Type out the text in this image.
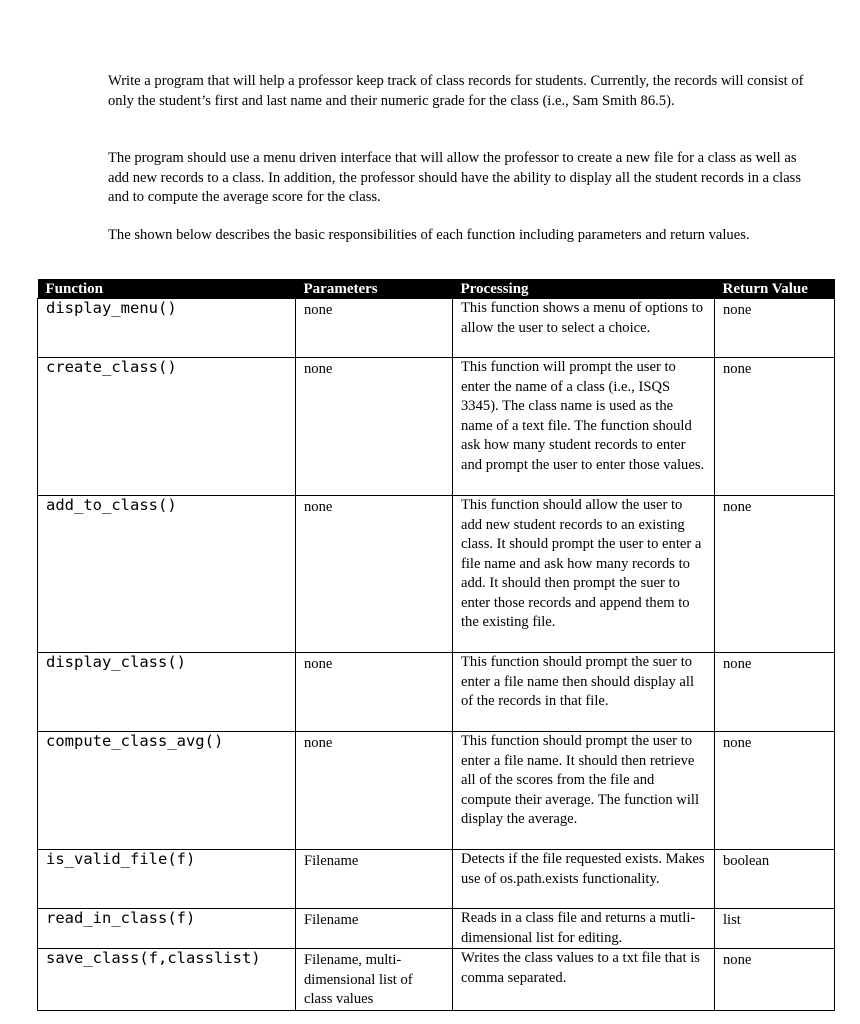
Write a program that will help a professor keep track of class records for students. Currently, the records will consist of only the student’s first and last name and their numeric grade for the class (i.e., Sam Smith 86.5).

The program should use a menu driven interface that will allow the professor to create a new file for a class as well as add new records to a class. In addition, the professor should have the ability to display all the student records in a class and to compute the average score for the class.

The shown below describes the basic responsibilities of each function including parameters and return values.

Function	Parameters	Processing	Return Value
display_menu()	none	This function shows a menu of options to allow the user to select a choice.	none
create_class()	none	This function will prompt the user to enter the name of a class (i.e., ISQS 3345). The class name is used as the name of a text file. The function should ask how many student records to enter and prompt the user to enter those values.	none
add_to_class()	none	This function should allow the user to add new student records to an existing class. It should prompt the user to enter a file name and ask how many records to add. It should then prompt the suer to enter those records and append them to the existing file.	none
display_class()	none	This function should prompt the suer to enter a file name then should display all of the records in that file.	none
compute_class_avg()	none	This function should prompt the user to enter a file name. It should then retrieve all of the scores from the file and compute their average. The function will display the average.	none
is_valid_file(f)	Filename	Detects if the file requested exists. Makes use of os.path.exists functionality.	boolean
read_in_class(f)	Filename	Reads in a class file and returns a mutli-dimensional list for editing.	list
save_class(f,classlist)	Filename, multi-dimensional list of class values	Writes the class values to a txt file that is comma separated.	none
